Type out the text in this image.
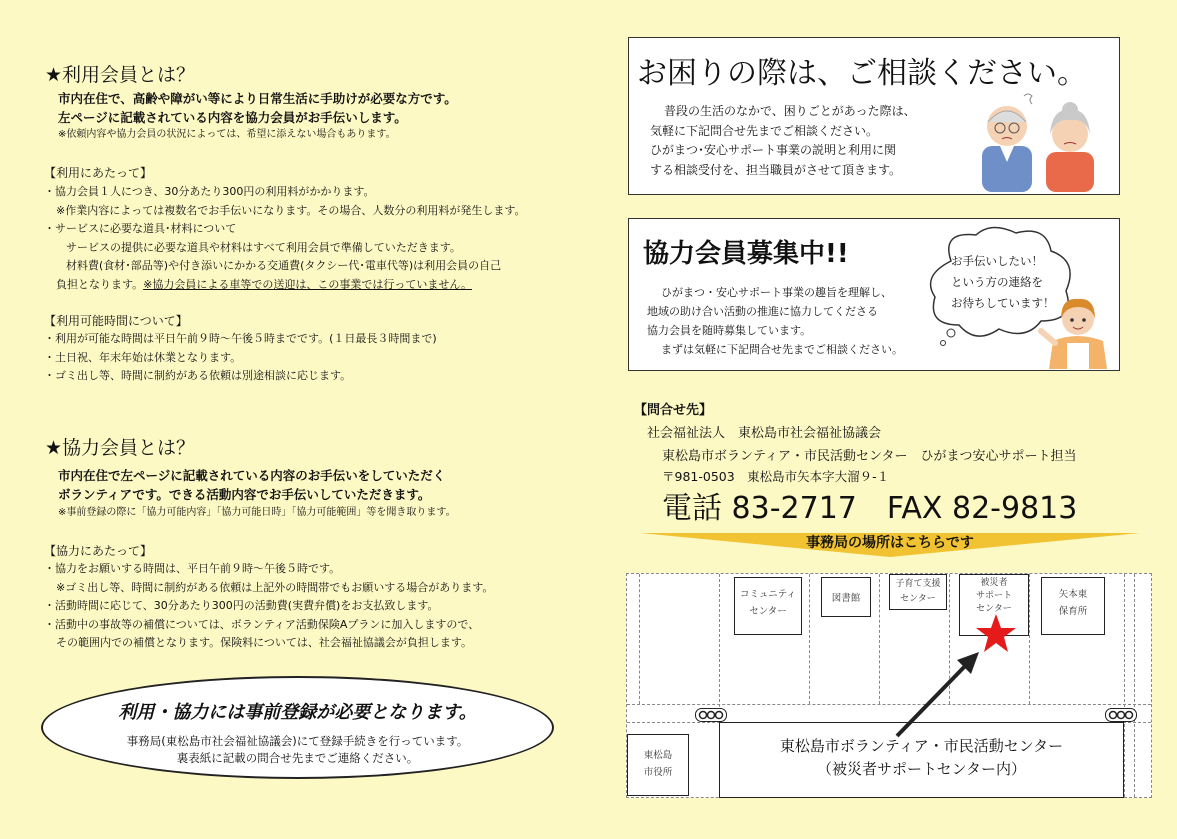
★利用会員とは？
市内在住で、高齢や障がい等により日常生活に手助けが必要な方です。
左ページに記載されている内容を協力会員がお手伝いします。
※依頼内容や協力会員の状況によっては、希望に添えない場合もあります。
【利用にあたって】
・協力会員１人につき、30分あたり300円の利用料がかかります。
※作業内容によっては複数名でお手伝いになります。その場合、人数分の利用料が発生します。
・サービスに必要な道具･材料について
サービスの提供に必要な道具や材料はすべて利用会員で準備していただきます。
材料費(食材･部品等)や付き添いにかかる交通費(タクシー代･電車代等)は利用会員の自己
負担となります。※協力会員による車等での送迎は、この事業では行っていません。
【利用可能時間について】
・利用が可能な時間は平日午前９時～午後５時までです。(１日最長３時間まで)
・土日祝、年末年始は休業となります。
・ゴミ出し等、時間に制約がある依頼は別途相談に応じます。
★協力会員とは？
市内在住で左ページに記載されている内容のお手伝いをしていただく
ボランティアです。できる活動内容でお手伝いしていただきます。
※事前登録の際に「協力可能内容」「協力可能日時」「協力可能範囲」等を聞き取ります。
【協力にあたって】
・協力をお願いする時間は、平日午前９時～午後５時です。
※ゴミ出し等、時間に制約がある依頼は上記外の時間帯でもお願いする場合があります。
・活動時間に応じて、30分あたり300円の活動費(実費弁償)をお支払致します。
・活動中の事故等の補償については、ボランティア活動保険Aプランに加入しますので、
その範囲内での補償となります。保険料については、社会福祉協議会が負担します。
利用・協力には事前登録が必要となります。
事務局(東松島市社会福祉協議会)にて登録手続きを行っています。
裏表紙に記載の問合せ先までご連絡ください。
お困りの際は、ご相談ください。
普段の生活のなかで、困りごとがあった際は、
気軽に下記問合せ先までご相談ください。
ひがまつ･安心サポート事業の説明と利用に関
する相談受付を、担当職員がさせて頂きます。
協力会員募集中!!
ひがまつ・安心サポート事業の趣旨を理解し、
地域の助け合い活動の推進に協力してくださる
協力会員を随時募集しています。
まずは気軽に下記問合せ先までご相談ください。
お手伝いしたい！
という方の連絡を
お待ちしています！
【問合せ先】
社会福祉法人　東松島市社会福祉協議会
東松島市ボランティア・市民活動センター　ひがまつ安心サポート担当
〒981-0503　東松島市矢本字大溜９-１
電話 83-2717　FAX 82-9813
事務局の場所はこちらです
コミュニティ
センター
図書館
子育て支援
センター
被災者
サポート
センター
矢本東
保育所
東松島
市役所
東松島市ボランティア・市民活動センター
（被災者サポートセンター内）
